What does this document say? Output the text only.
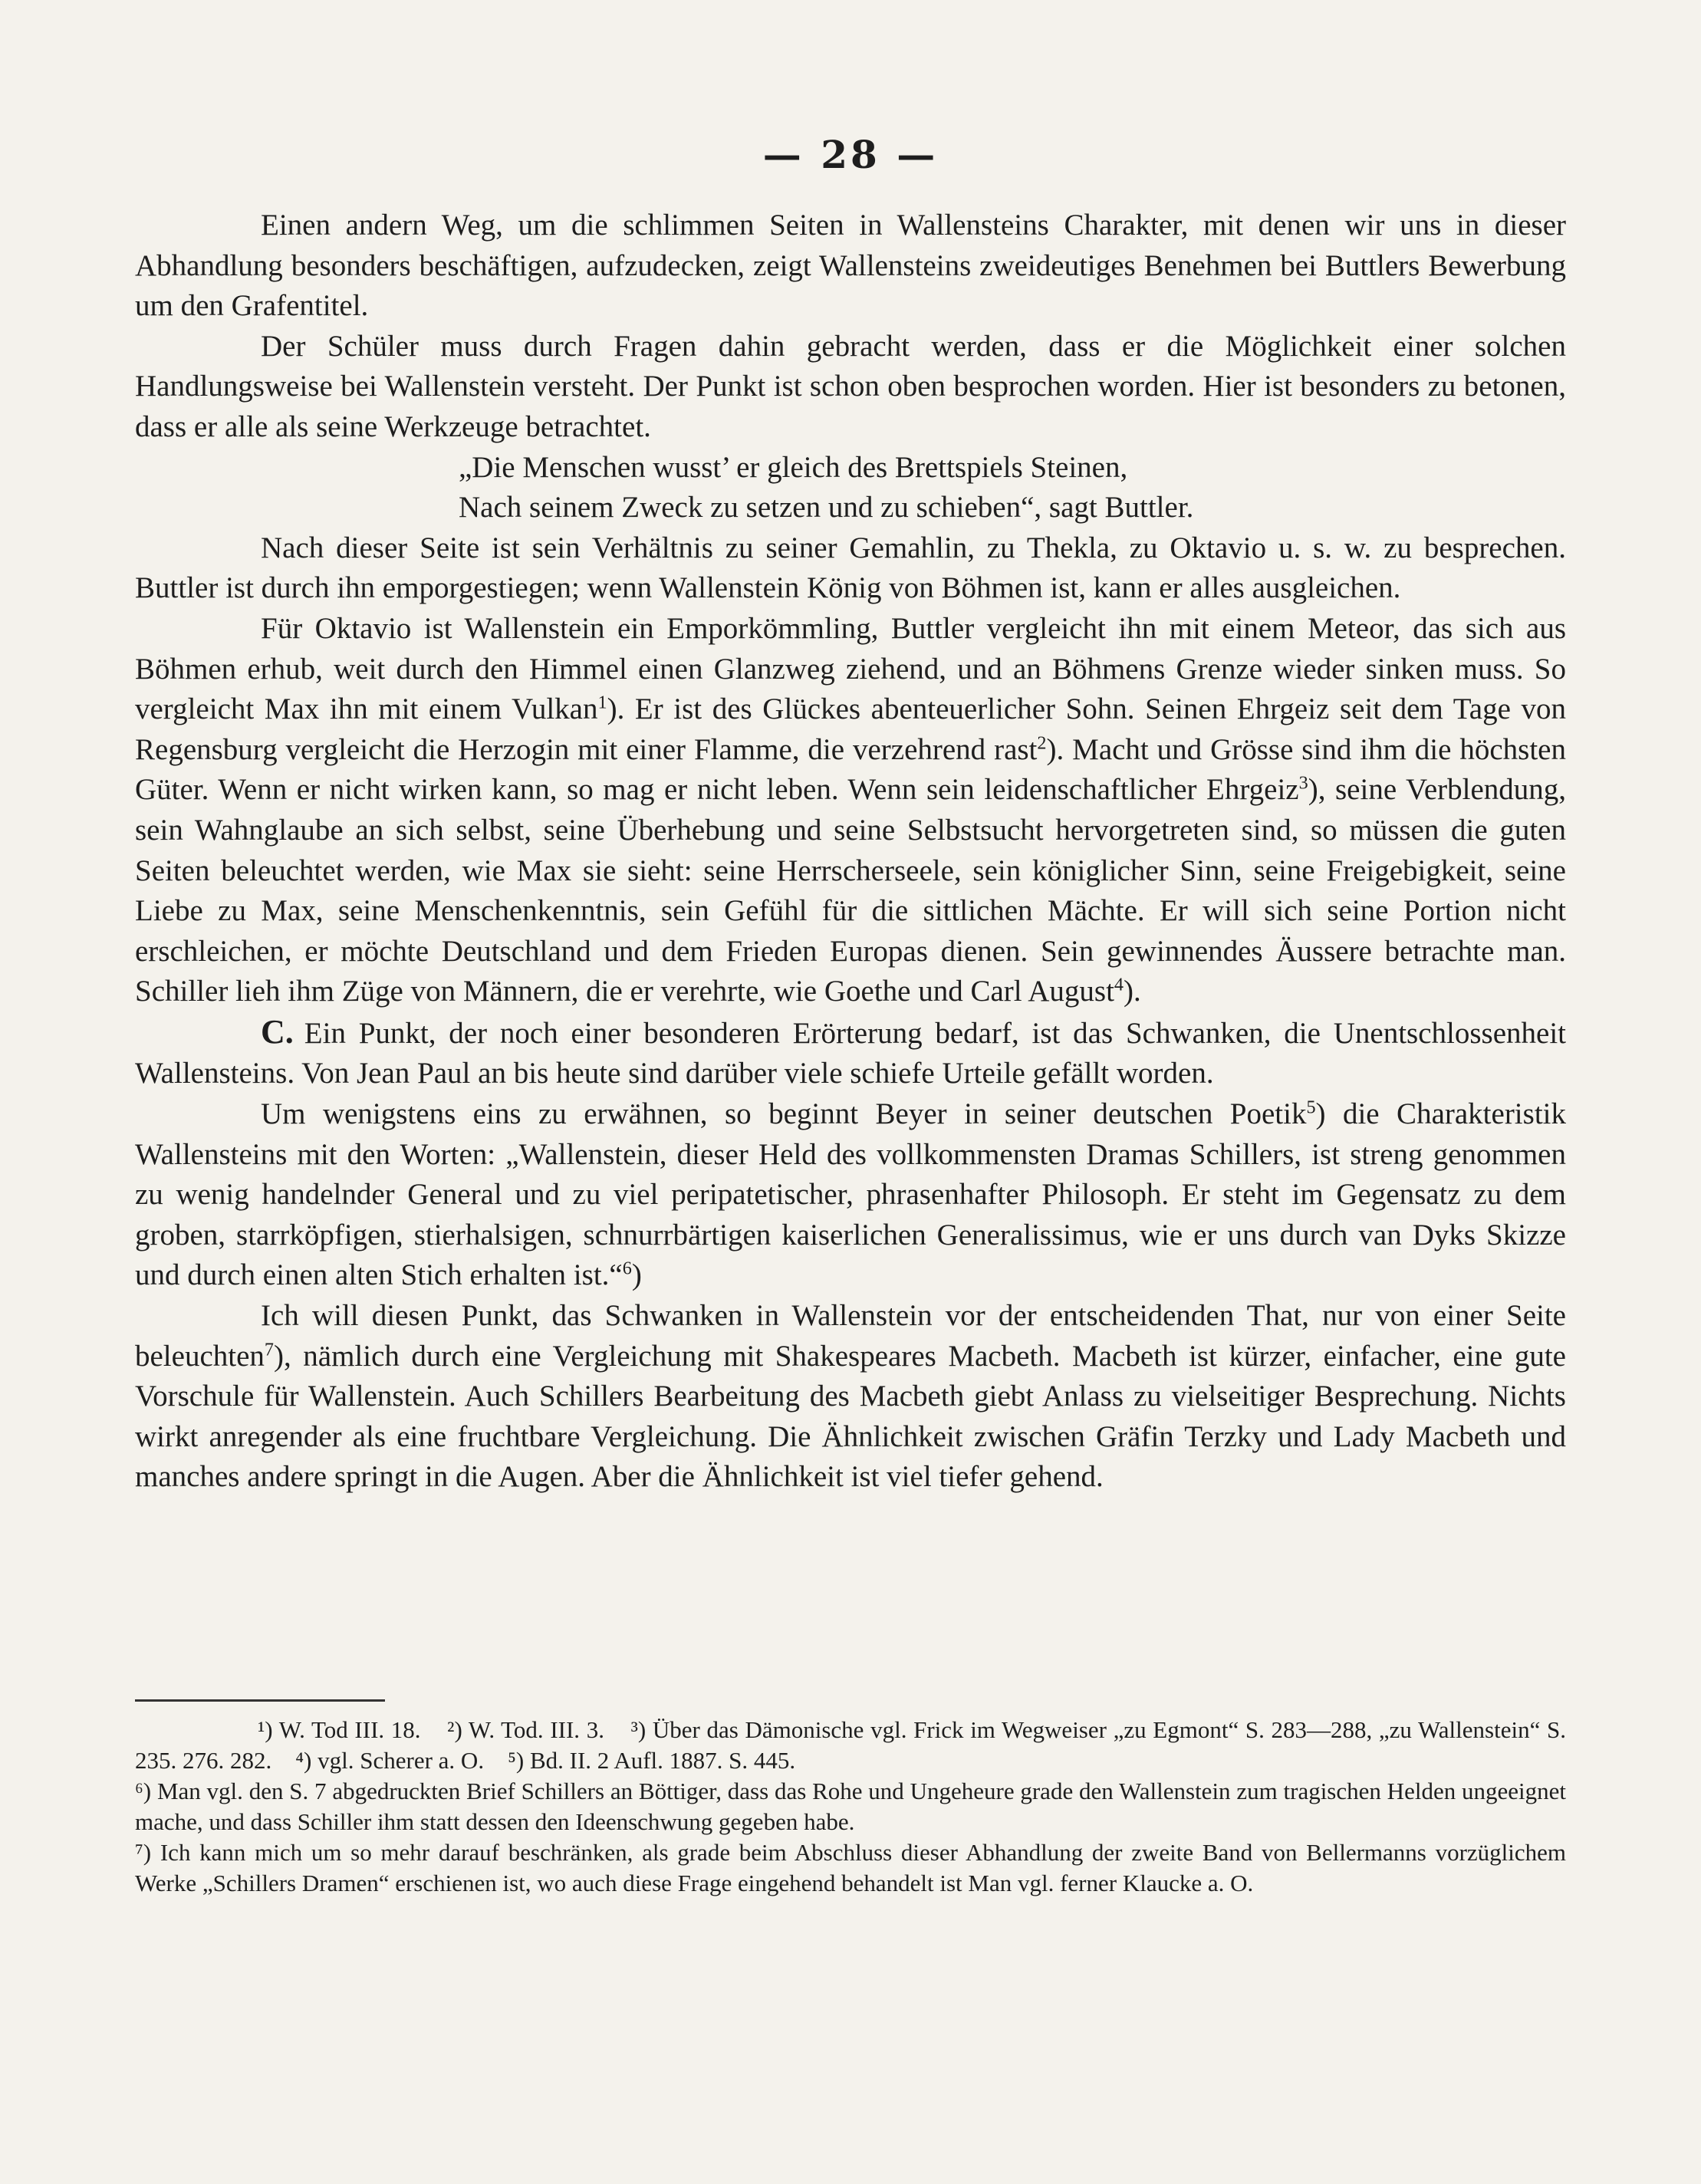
— 28 —

Einen andern Weg, um die schlimmen Seiten in Wallensteins Charakter, mit denen wir uns in dieser Abhandlung besonders beschäftigen, aufzudecken, zeigt Wallensteins zweideutiges Benehmen bei Buttlers Bewerbung um den Grafentitel.

Der Schüler muss durch Fragen dahin gebracht werden, dass er die Möglichkeit einer solchen Handlungsweise bei Wallenstein versteht. Der Punkt ist schon oben besprochen worden. Hier ist besonders zu betonen, dass er alle als seine Werkzeuge betrachtet.

„Die Menschen wusst’ er gleich des Brettspiels Steinen,
Nach seinem Zweck zu setzen und zu schieben“, sagt Buttler.

Nach dieser Seite ist sein Verhältnis zu seiner Gemahlin, zu Thekla, zu Oktavio u. s. w. zu besprechen. Buttler ist durch ihn emporgestiegen; wenn Wallenstein König von Böhmen ist, kann er alles ausgleichen.

Für Oktavio ist Wallenstein ein Emporkömmling, Buttler vergleicht ihn mit einem Meteor, das sich aus Böhmen erhub, weit durch den Himmel einen Glanzweg ziehend, und an Böhmens Grenze wieder sinken muss. So vergleicht Max ihn mit einem Vulkan$^1$). Er ist des Glückes abenteuerlicher Sohn. Seinen Ehrgeiz seit dem Tage von Regensburg vergleicht die Herzogin mit einer Flamme, die verzehrend rast$^2$). Macht und Grösse sind ihm die höchsten Güter. Wenn er nicht wirken kann, so mag er nicht leben. Wenn sein leidenschaftlicher Ehrgeiz$^3$), seine Verblendung, sein Wahnglaube an sich selbst, seine Überhebung und seine Selbstsucht hervorgetreten sind, so müssen die guten Seiten beleuchtet werden, wie Max sie sieht: seine Herrscherseele, sein königlicher Sinn, seine Freigebigkeit, seine Liebe zu Max, seine Menschenkenntnis, sein Gefühl für die sittlichen Mächte. Er will sich seine Portion nicht erschleichen, er möchte Deutschland und dem Frieden Europas dienen. Sein gewinnendes Äussere betrachte man. Schiller lieh ihm Züge von Männern, die er verehrte, wie Goethe und Carl August$^4$).

C. Ein Punkt, der noch einer besonderen Erörterung bedarf, ist das Schwanken, die Unentschlossenheit Wallensteins. Von Jean Paul an bis heute sind darüber viele schiefe Urteile gefällt worden.

Um wenigstens eins zu erwähnen, so beginnt Beyer in seiner deutschen Poetik$^5$) die Charakteristik Wallensteins mit den Worten: „Wallenstein, dieser Held des vollkommensten Dramas Schillers, ist streng genommen zu wenig handelnder General und zu viel peripatetischer, phrasenhafter Philosoph. Er steht im Gegensatz zu dem groben, starrköpfigen, stierhalsigen, schnurrbärtigen kaiserlichen Generalissimus, wie er uns durch van Dyks Skizze und durch einen alten Stich erhalten ist.“$^6$)

Ich will diesen Punkt, das Schwanken in Wallenstein vor der entscheidenden That, nur von einer Seite beleuchten$^7$), nämlich durch eine Vergleichung mit Shakespeares Macbeth. Macbeth ist kürzer, einfacher, eine gute Vorschule für Wallenstein. Auch Schillers Bearbeitung des Macbeth giebt Anlass zu vielseitiger Besprechung. Nichts wirkt anregender als eine fruchtbare Vergleichung. Die Ähnlichkeit zwischen Gräfin Terzky und Lady Macbeth und manches andere springt in die Augen. Aber die Ähnlichkeit ist viel tiefer gehend.

¹) W. Tod III. 18. ²) W. Tod. III. 3. ³) Über das Dämonische vgl. Frick im Wegweiser „zu Egmont“ S. 283—288, „zu Wallenstein“ S. 235. 276. 282. ⁴) vgl. Scherer a. O. ⁵) Bd. II. 2 Aufl. 1887. S. 445.

⁶) Man vgl. den S. 7 abgedruckten Brief Schillers an Böttiger, dass das Rohe und Ungeheure grade den Wallenstein zum tragischen Helden ungeeignet mache, und dass Schiller ihm statt dessen den Ideenschwung gegeben habe.

⁷) Ich kann mich um so mehr darauf beschränken, als grade beim Abschluss dieser Abhandlung der zweite Band von Bellermanns vorzüglichem Werke „Schillers Dramen“ erschienen ist, wo auch diese Frage eingehend behandelt ist Man vgl. ferner Klaucke a. O.
